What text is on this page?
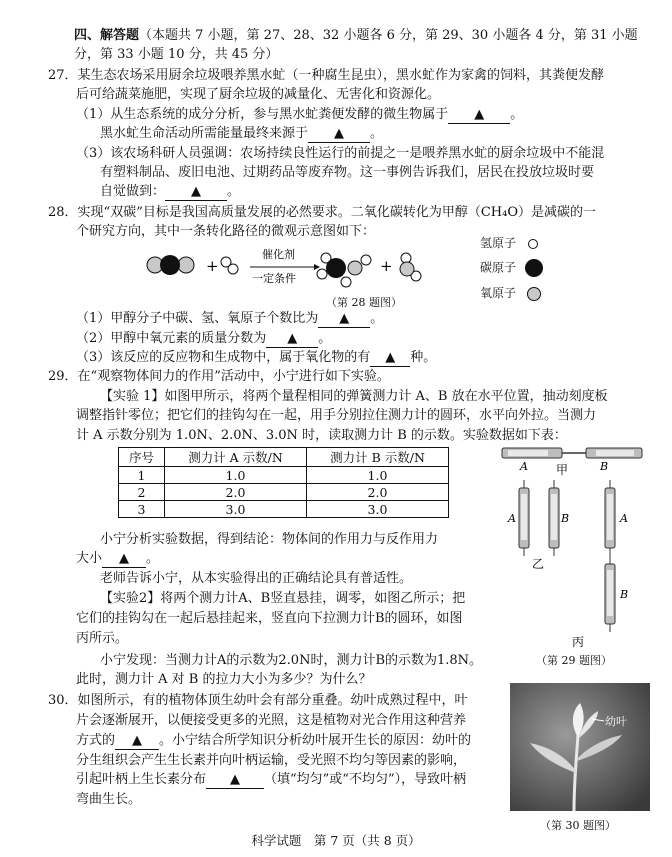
四、解答题（本题共 7 小题，第 27、28、32 小题各 6 分，第 29、30 小题各 4 分，第 31 小题
分，第 33 小题 10 分，共 45 分）
27．某生态农场采用厨余垃圾喂养黑水虻（一种腐生昆虫），黑水虻作为家禽的饲料，其粪便发酵
后可给蔬菜施肥，实现了厨余垃圾的减量化、无害化和资源化。
（1）从生态系统的成分分析，参与黑水虻粪便发酵的微生物属于 ▲ 。
黑水虻生命活动所需能量最终来源于 ▲ 。
（3）该农场科研人员强调：农场持续良性运行的前提之一是喂养黑水虻的厨余垃圾中不能混
有塑料制品、废旧电池、过期药品等废弃物。这一事例告诉我们，居民在投放垃圾时要
自觉做到： ▲ 。
28．实现“双碳”目标是我国高质量发展的必然要求。二氧化碳转化为甲醇（CH₄O）是减碳的一
个研究方向，其中一条转化路径的微观示意图如下：
+
催化剂
一定条件
+
氢原子
碳原子
氧原子
（第 28 题图）
（1）甲醇分子中碳、氢、氧原子个数比为 ▲ 。
（2）甲醇中氧元素的质量分数为 ▲ 。
（3）该反应的反应物和生成物中，属于氧化物的有 ▲ 种。
29．在“观察物体间力的作用”活动中，小宁进行如下实验。
【实验 1】如图甲所示，将两个量程相同的弹簧测力计 A、B 放在水平位置，抽动刻度板
调整指针零位；把它们的挂钩勾在一起，用手分别拉住测力计的圆环，水平向外拉。当测力
计 A 示数分别为 1.0N、2.0N、3.0N 时，读取测力计 B 的示数。实验数据如下表：
序号	测力计 A 示数/N	测力计 B 示数/N
1	1.0	1.0
2	2.0	2.0
3	3.0	3.0
小宁分析实验数据，得到结论：物体间的作用力与反作用力
大小 ▲ 。
老师告诉小宁，从本实验得出的正确结论具有普适性。
【实验2】将两个测力计A、B竖直悬挂，调零，如图乙所示；把
它们的挂钩勾在一起后悬挂起来，竖直向下拉测力计B的圆环，如图
丙所示。
小宁发现：当测力计A的示数为2.0N时，测力计B的示数为1.8N。
此时，测力计 A 对 B 的拉力大小为多少？为什么？
A	B
甲
A	B
乙
A
B
丙
（第 29 题图）
30．如图所示，有的植物体顶生幼叶会有部分重叠。幼叶成熟过程中，叶
片会逐渐展开，以便接受更多的光照，这是植物对光合作用这种营养
方式的 ▲ 。小宁结合所学知识分析幼叶展开生长的原因：幼叶的
分生组织会产生生长素并向叶柄运输，受光照不均匀等因素的影响，
引起叶柄上生长素分布 ▲ （填“均匀”或“不均匀”），导致叶柄
弯曲生长。
幼叶
（第 30 题图）
科学试题　第 7 页（共 8 页）
